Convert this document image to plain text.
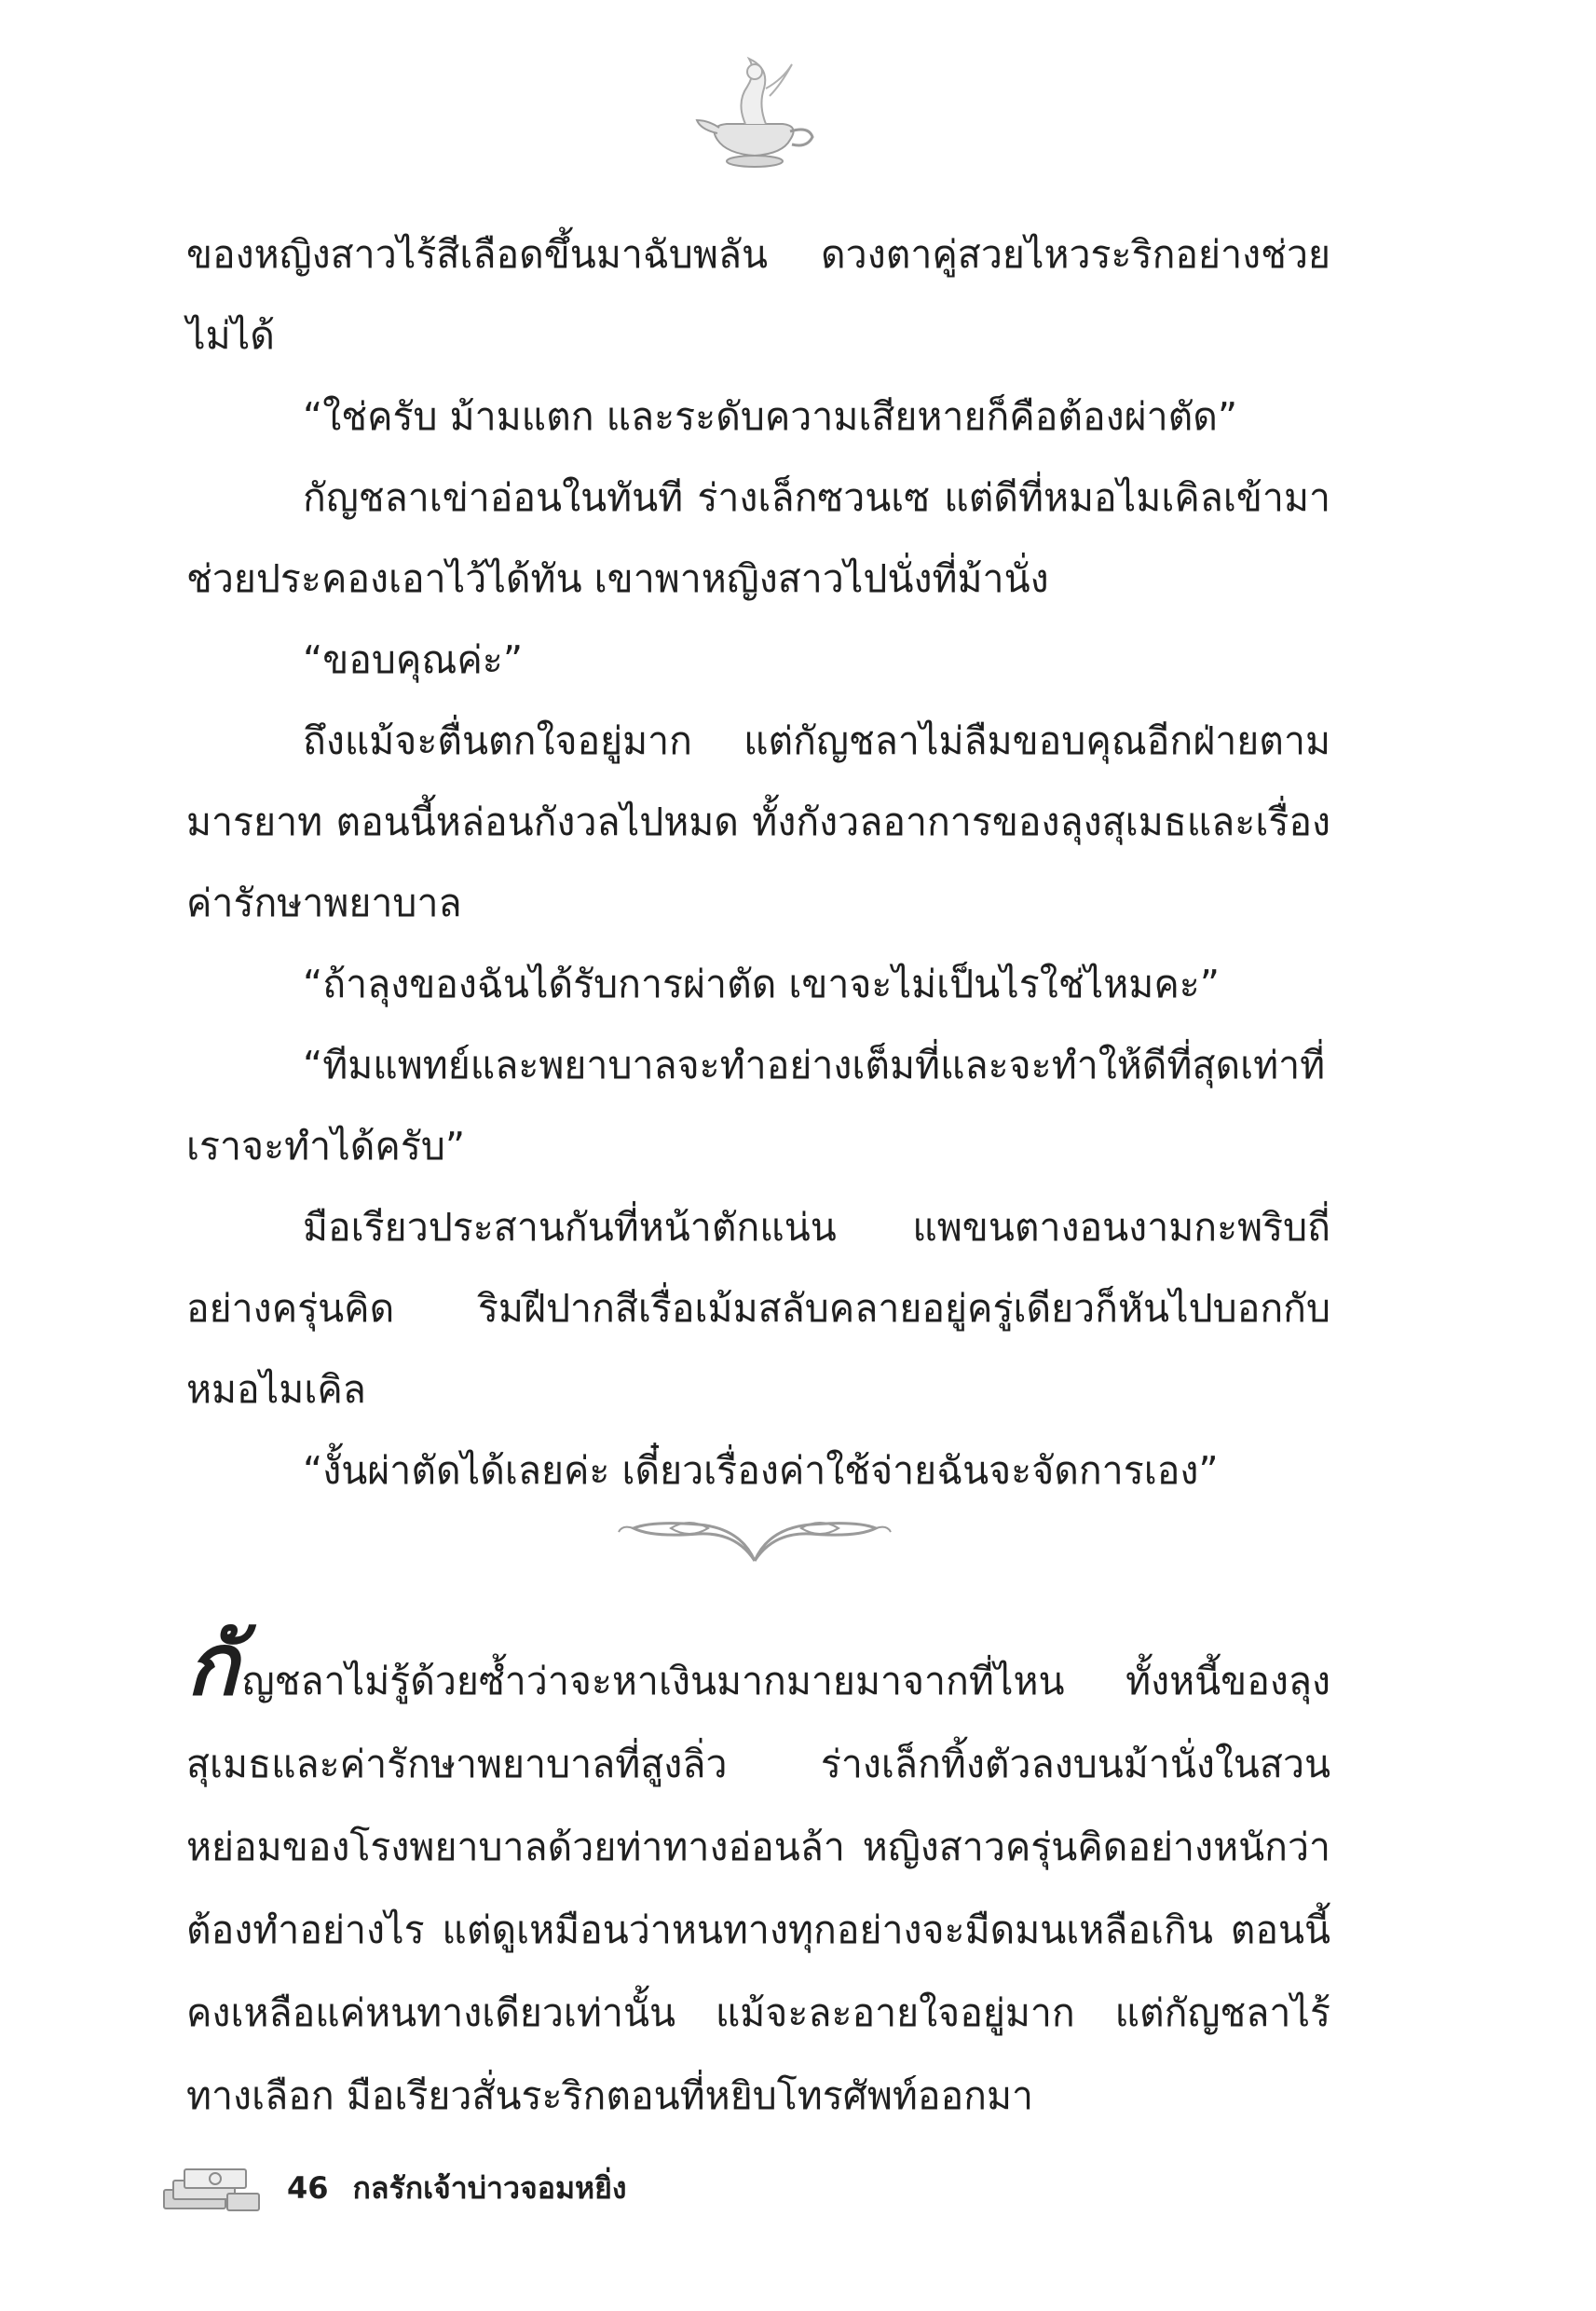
ของหญิงสาวไร้สีเลือดขึ้นมาฉับพลัน ดวงตาคู่สวยไหวระริกอย่างช่วยไม่ได้

“ใช่ครับ ม้ามแตก และระดับความเสียหายก็คือต้องผ่าตัด”

กัญชลาเข่าอ่อนในทันที ร่างเล็กซวนเซ แต่ดีที่หมอไมเคิลเข้ามาช่วยประคองเอาไว้ได้ทัน เขาพาหญิงสาวไปนั่งที่ม้านั่ง

“ขอบคุณค่ะ”

ถึงแม้จะตื่นตกใจอยู่มาก แต่กัญชลาไม่ลืมขอบคุณอีกฝ่ายตามมารยาท ตอนนี้หล่อนกังวลไปหมด ทั้งกังวลอาการของลุงสุเมธและเรื่องค่ารักษาพยาบาล

“ถ้าลุงของฉันได้รับการผ่าตัด เขาจะไม่เป็นไรใช่ไหมคะ”

“ทีมแพทย์และพยาบาลจะทำอย่างเต็มที่และจะทำให้ดีที่สุดเท่าที่เราจะทำได้ครับ”

มือเรียวประสานกันที่หน้าตักแน่น แพขนตางอนงามกะพริบถี่อย่างครุ่นคิด ริมฝีปากสีเรื่อเม้มสลับคลายอยู่ครู่เดียวก็หันไปบอกกับหมอไมเคิล

“งั้นผ่าตัดได้เลยค่ะ เดี๋ยวเรื่องค่าใช้จ่ายฉันจะจัดการเอง”

กัญชลาไม่รู้ด้วยซ้ำว่าจะหาเงินมากมายมาจากที่ไหน ทั้งหนี้ของลุงสุเมธและค่ารักษาพยาบาลที่สูงลิ่ว ร่างเล็กทิ้งตัวลงบนม้านั่งในสวนหย่อมของโรงพยาบาลด้วยท่าทางอ่อนล้า หญิงสาวครุ่นคิดอย่างหนักว่าต้องทำอย่างไร แต่ดูเหมือนว่าหนทางทุกอย่างจะมืดมนเหลือเกิน ตอนนี้คงเหลือแค่หนทางเดียวเท่านั้น แม้จะละอายใจอยู่มาก แต่กัญชลาไร้ทางเลือก มือเรียวสั่นระริกตอนที่หยิบโทรศัพท์ออกมา

46 กลรักเจ้าบ่าวจอมหยิ่ง
